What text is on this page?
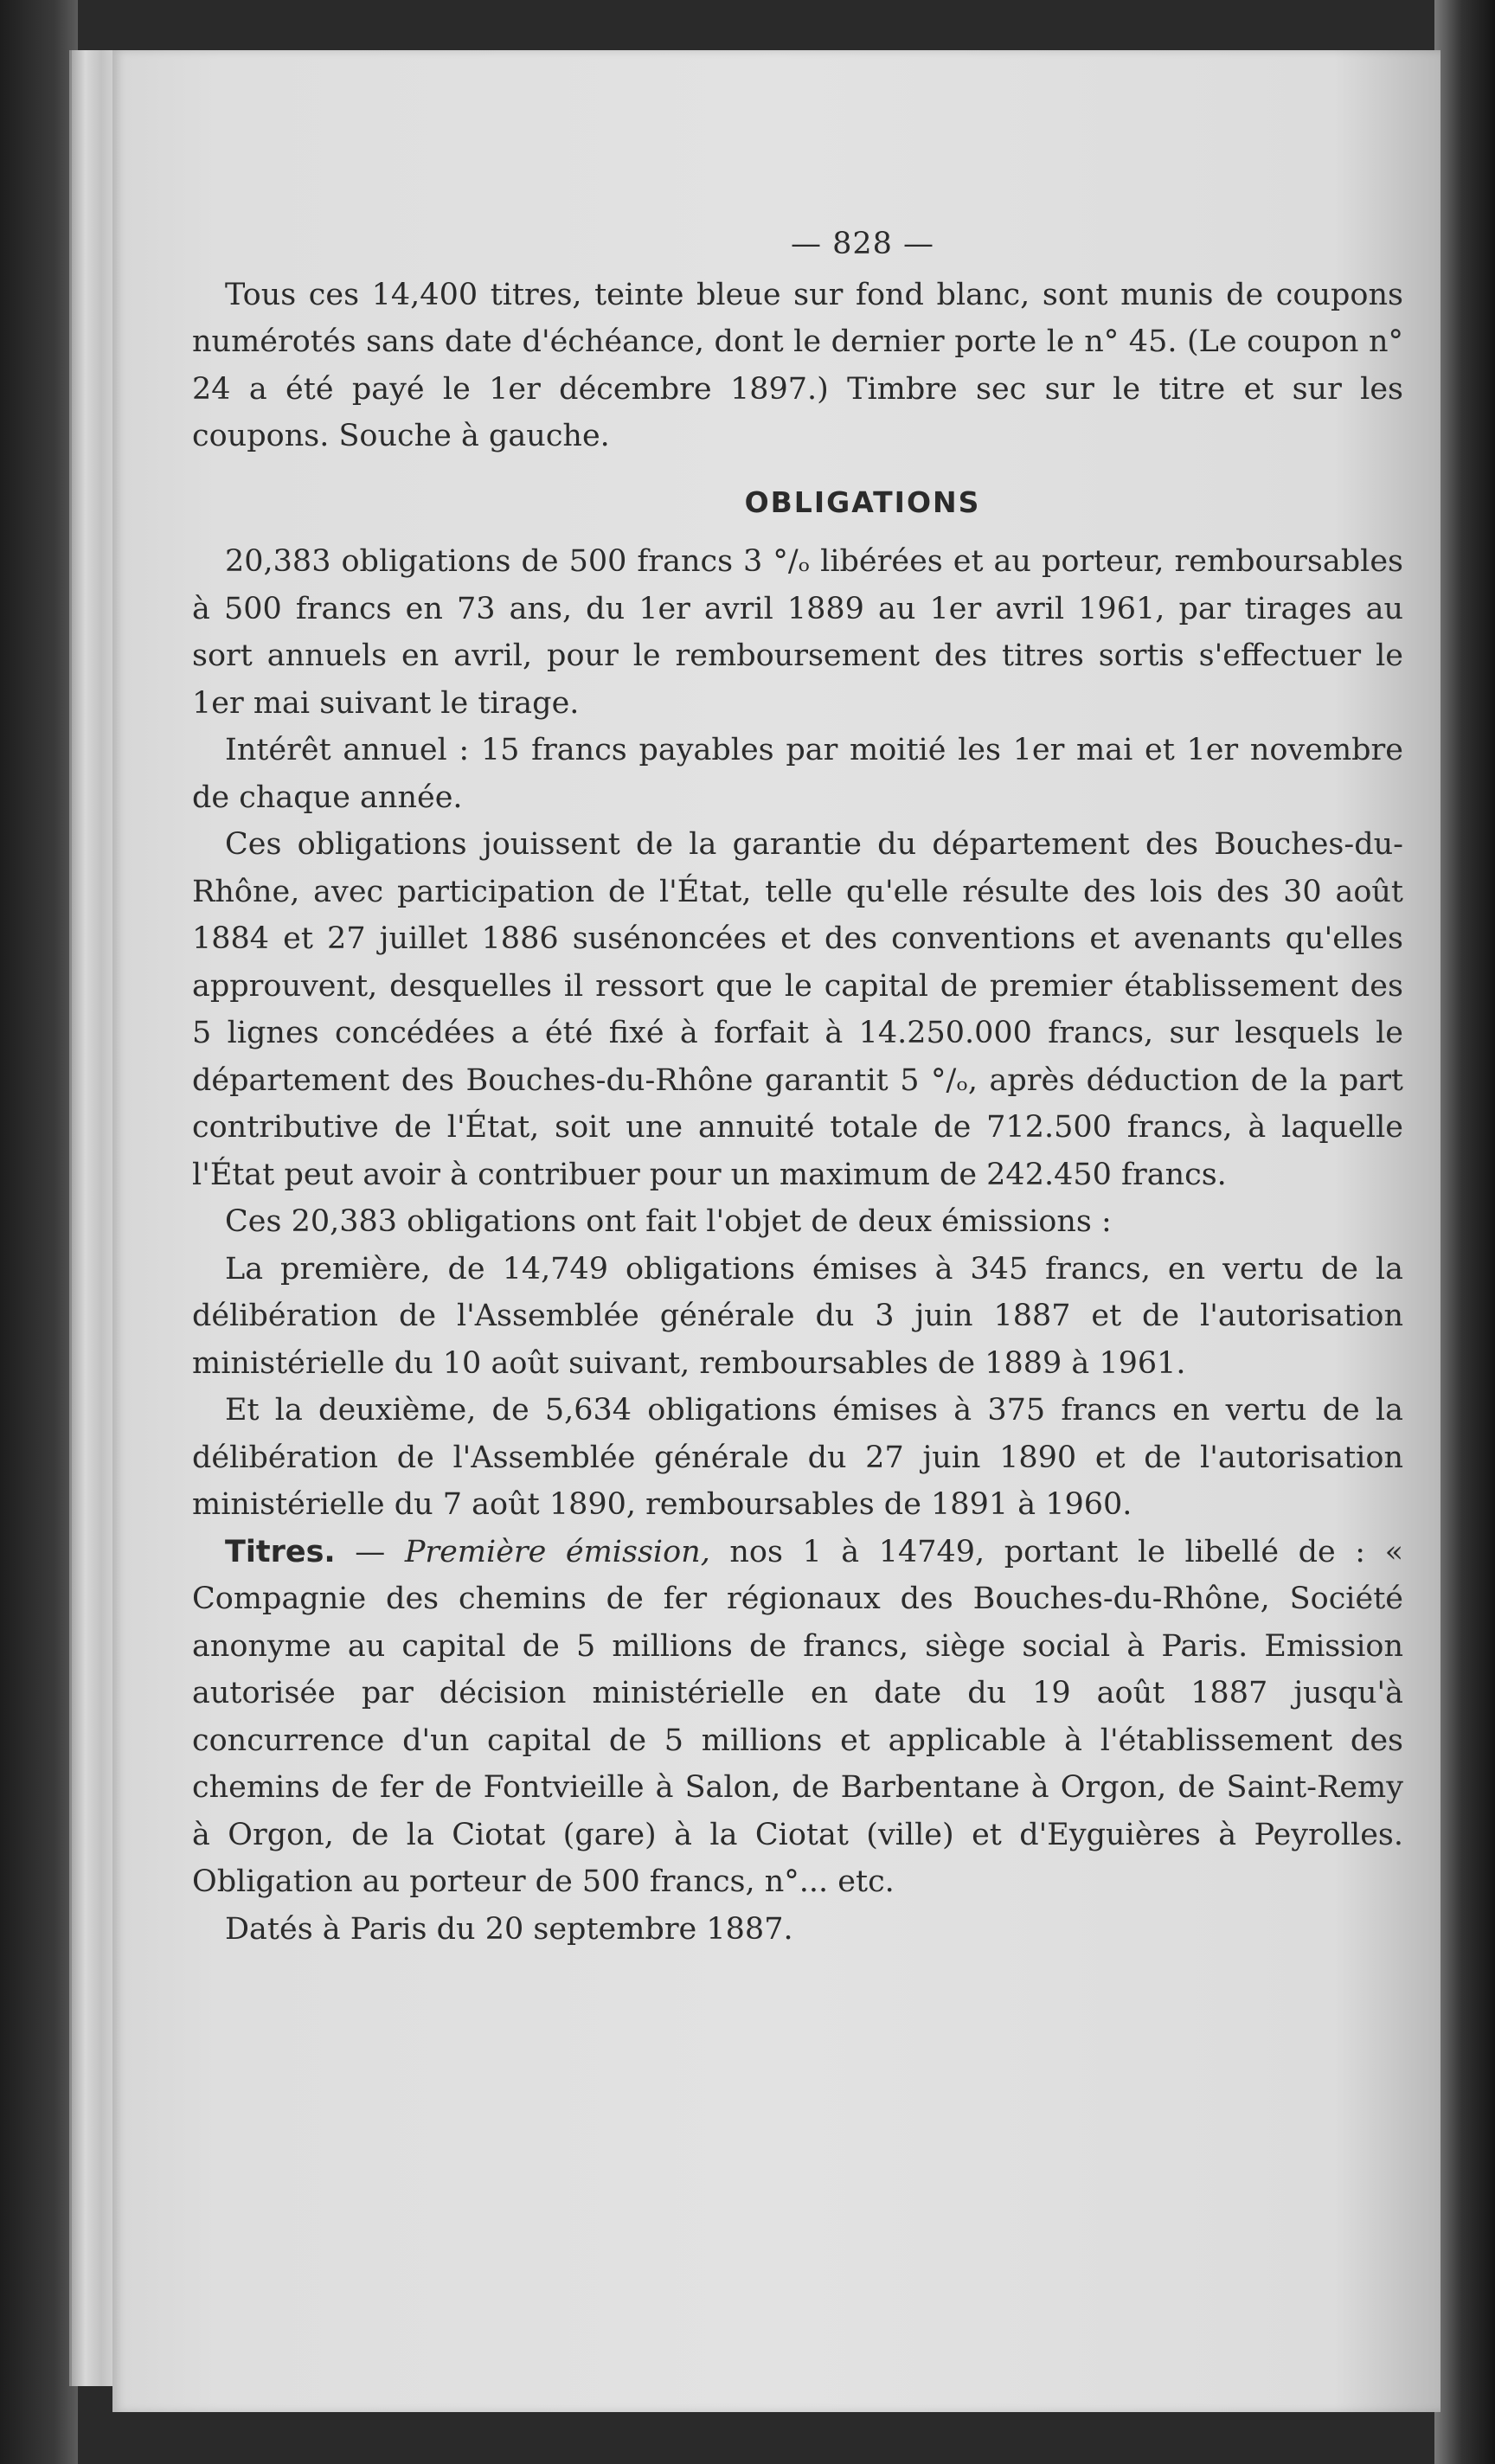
— 828 —

Tous ces 14,400 titres, teinte bleue sur fond blanc, sont munis de coupons numérotés sans date d'échéance, dont le dernier porte le n° 45. (Le coupon n° 24 a été payé le 1er décembre 1897.) Timbre sec sur le titre et sur les coupons. Souche à gauche.

OBLIGATIONS

20,383 obligations de 500 francs 3 °/ₒ libérées et au porteur, remboursables à 500 francs en 73 ans, du 1er avril 1889 au 1er avril 1961, par tirages au sort annuels en avril, pour le remboursement des titres sortis s'effectuer le 1er mai suivant le tirage.

Intérêt annuel : 15 francs payables par moitié les 1er mai et 1er novembre de chaque année.

Ces obligations jouissent de la garantie du département des Bouches-du-Rhône, avec participation de l'État, telle qu'elle résulte des lois des 30 août 1884 et 27 juillet 1886 susénoncées et des conventions et avenants qu'elles approuvent, desquelles il ressort que le capital de premier établissement des 5 lignes concédées a été fixé à forfait à 14.250.000 francs, sur lesquels le département des Bouches-du-Rhône garantit 5 °/ₒ, après déduction de la part contributive de l'État, soit une annuité totale de 712.500 francs, à laquelle l'État peut avoir à contribuer pour un maximum de 242.450 francs.

Ces 20,383 obligations ont fait l'objet de deux émissions :

La première, de 14,749 obligations émises à 345 francs, en vertu de la délibération de l'Assemblée générale du 3 juin 1887 et de l'autorisation ministérielle du 10 août suivant, remboursables de 1889 à 1961.

Et la deuxième, de 5,634 obligations émises à 375 francs en vertu de la délibération de l'Assemblée générale du 27 juin 1890 et de l'autorisation ministérielle du 7 août 1890, remboursables de 1891 à 1960.

Titres. — Première émission, nos 1 à 14749, portant le libellé de : « Compagnie des chemins de fer régionaux des Bouches-du-Rhône, Société anonyme au capital de 5 millions de francs, siège social à Paris. Emission autorisée par décision ministérielle en date du 19 août 1887 jusqu'à concurrence d'un capital de 5 millions et applicable à l'établissement des chemins de fer de Fontvieille à Salon, de Barbentane à Orgon, de Saint-Remy à Orgon, de la Ciotat (gare) à la Ciotat (ville) et d'Eyguières à Peyrolles. Obligation au porteur de 500 francs, n°... etc.

Datés à Paris du 20 septembre 1887.
